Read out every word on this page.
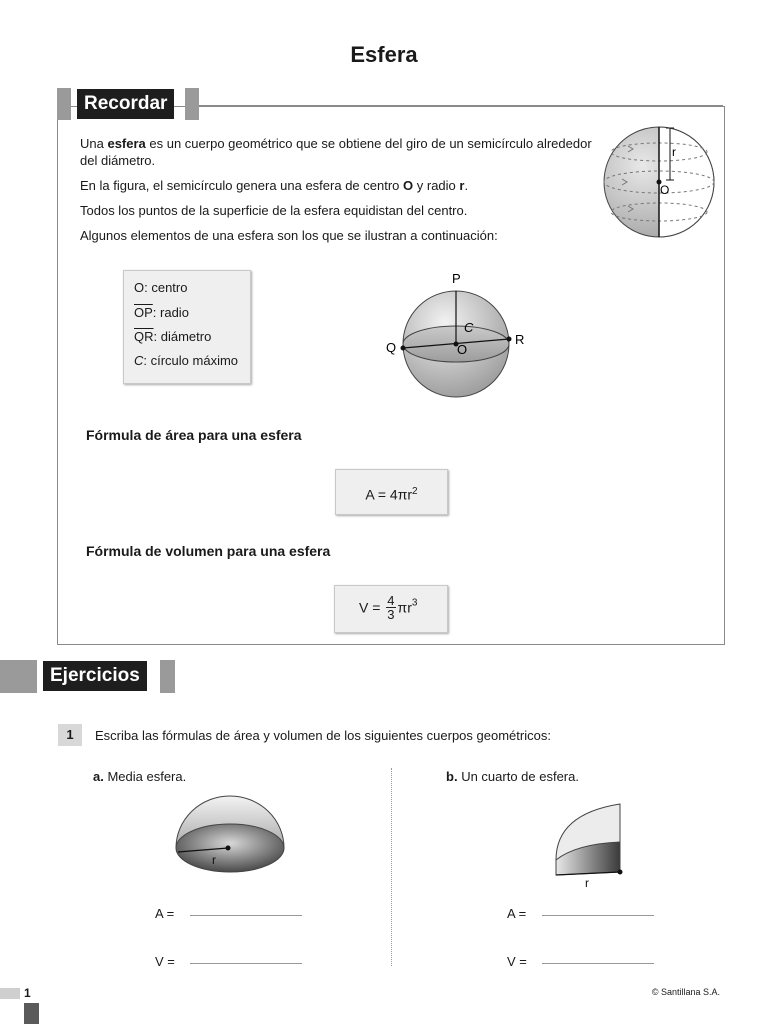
Esfera
Recordar
Una esfera es un cuerpo geométrico que se obtiene del giro de un semicírculo alrededor del diámetro.
En la figura, el semicírculo genera una esfera de centro O y radio r.
Todos los puntos de la superficie de la esfera equidistan del centro.
Algunos elementos de una esfera son los que se ilustran a continuación:
r
O
O: centro
$\overline{OP}$: radio
$\overline{QR}$: diámetro
C: círculo máximo
P
Q
R
O
C
Fórmula de área para una esfera
$A = 4\pi r^2$
Fórmula de volumen para una esfera
$V = \frac{4}{3} \pi r^3$
Ejercicios
1	Escriba las fórmulas de área y volumen de los siguientes cuerpos geométricos:
a. Media esfera.
r
A =
V =
b. Un cuarto de esfera.
r
A =
V =
1	© Santillana S.A.
